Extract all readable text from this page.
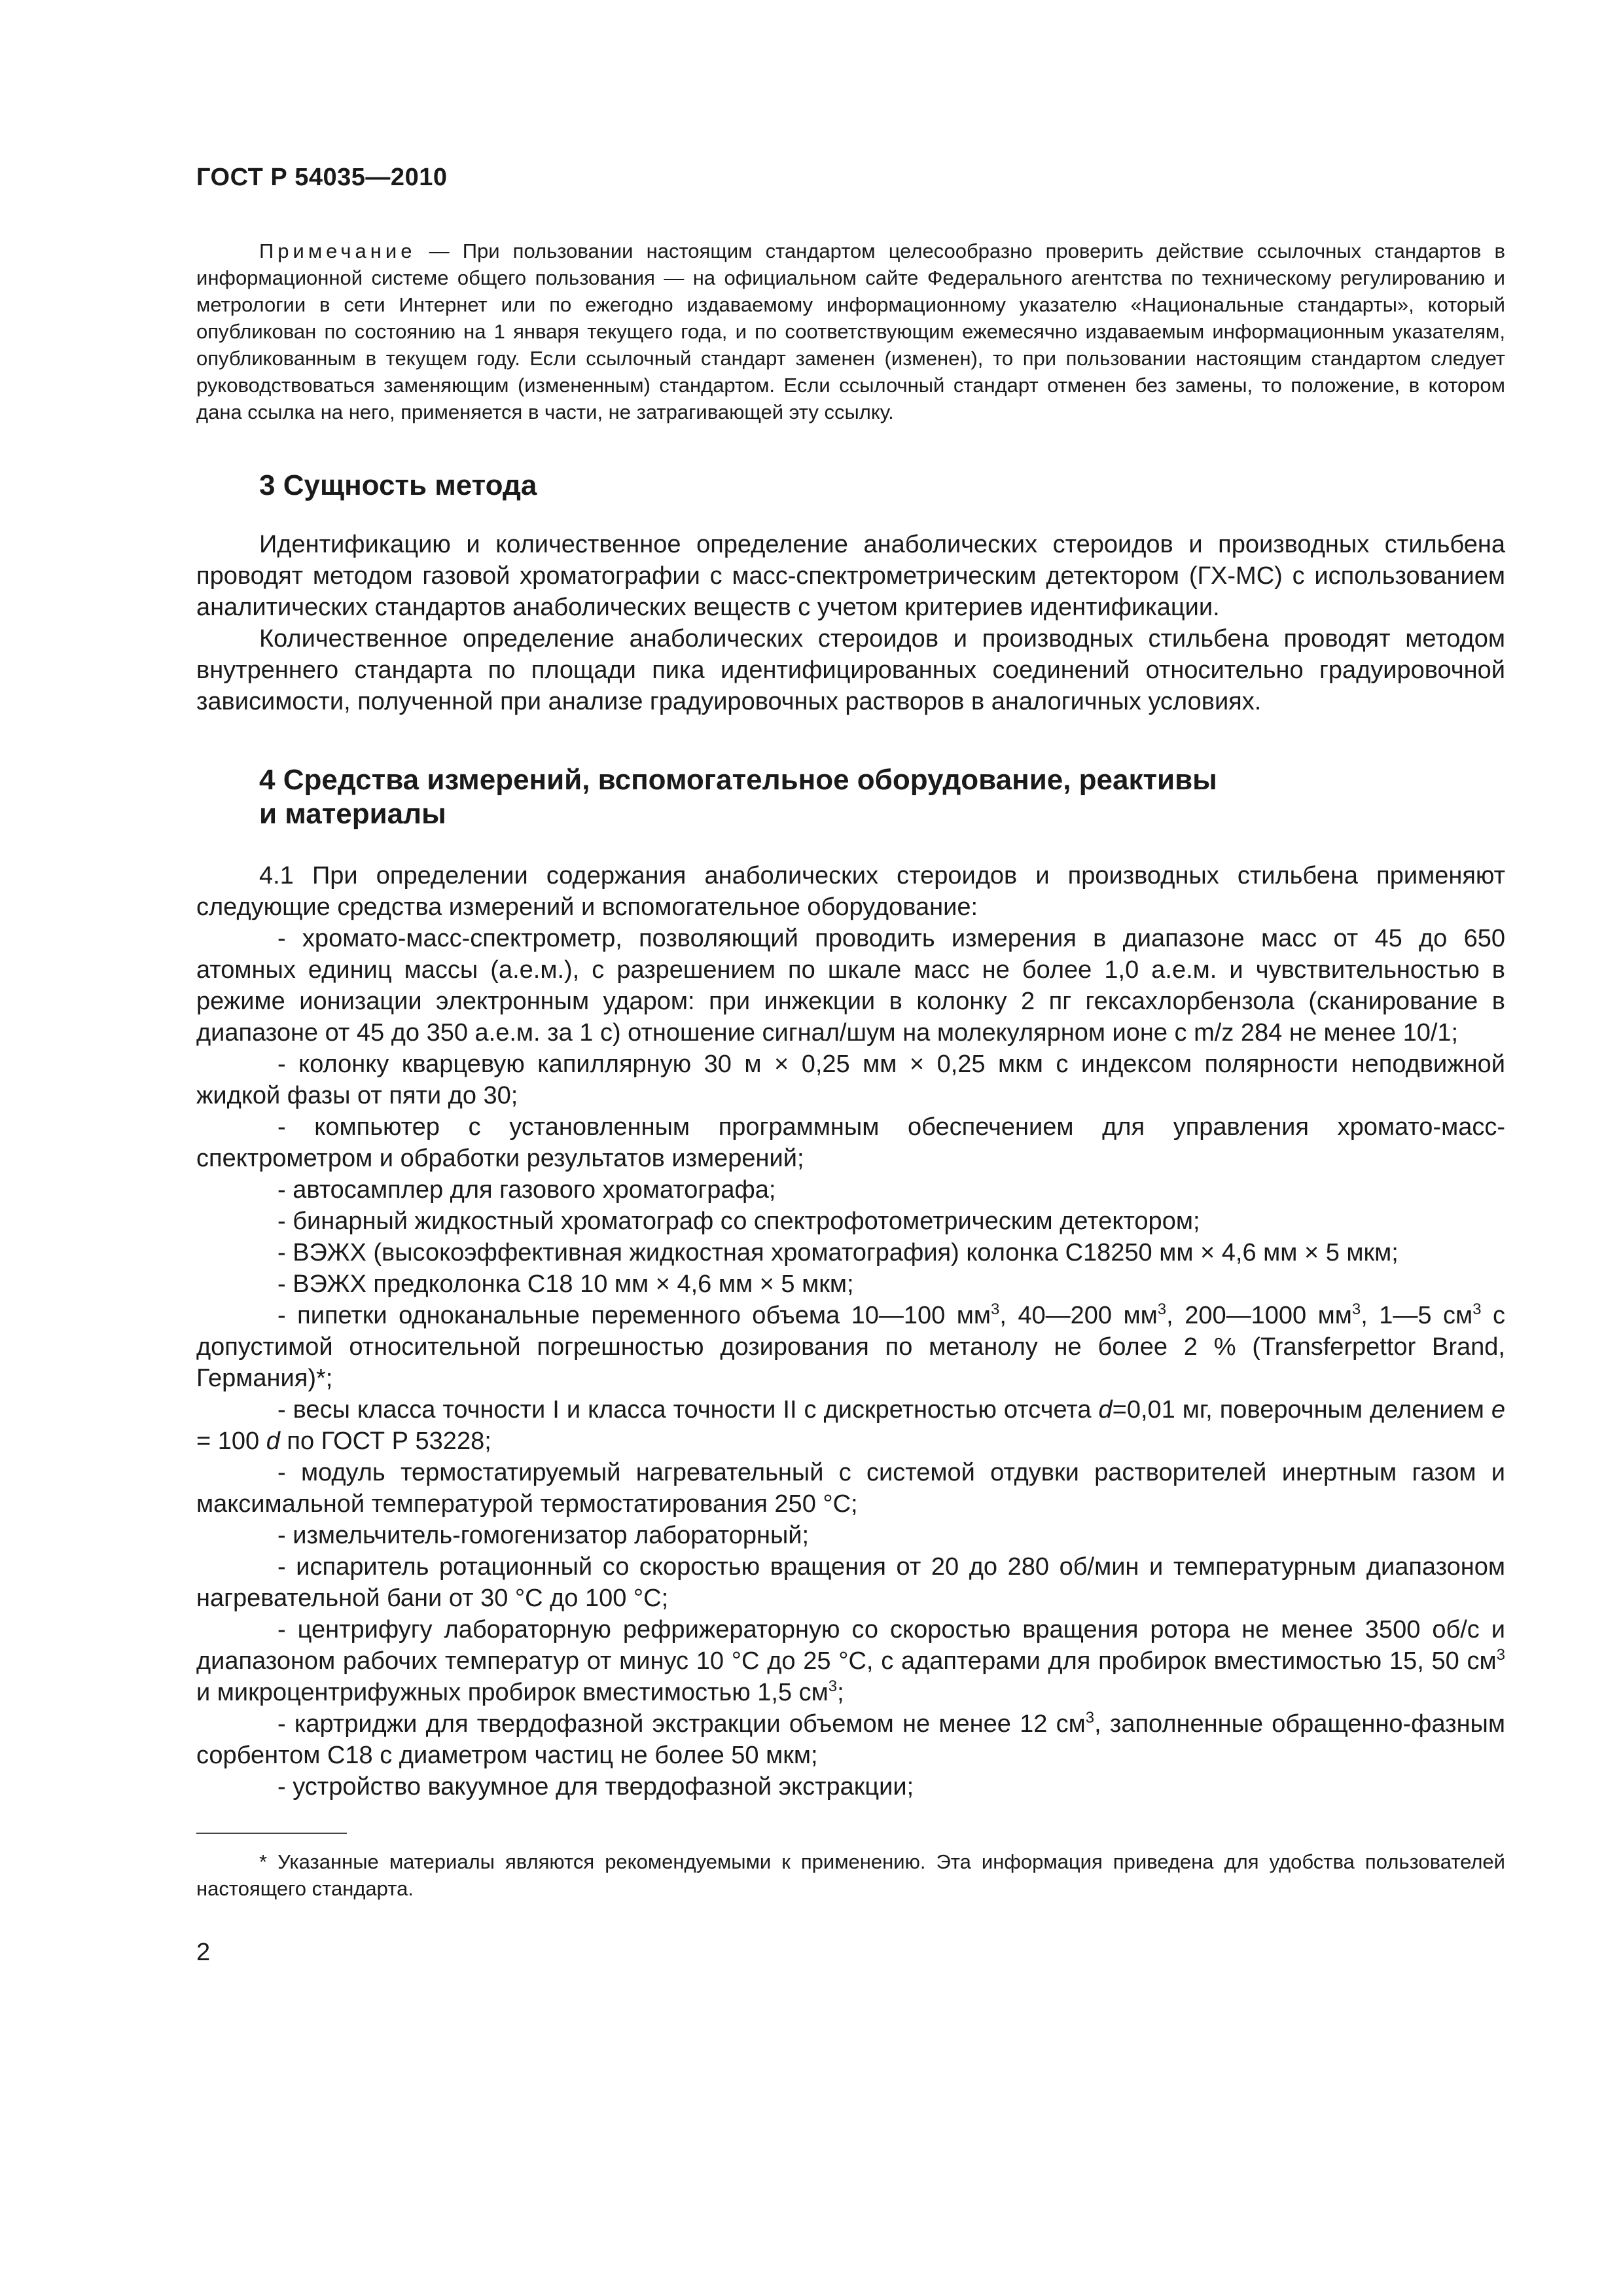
ГОСТ Р 54035—2010

Примечание — При пользовании настоящим стандартом целесообразно проверить действие ссылочных стандартов в информационной системе общего пользования — на официальном сайте Федерального агентства по техническому регулированию и метрологии в сети Интернет или по ежегодно издаваемому информационному указателю «Национальные стандарты», который опубликован по состоянию на 1 января текущего года, и по соответствующим ежемесячно издаваемым информационным указателям, опубликованным в текущем году. Если ссылочный стандарт заменен (изменен), то при пользовании настоящим стандартом следует руководствоваться заменяющим (измененным) стандартом. Если ссылочный стандарт отменен без замены, то положение, в котором дана ссылка на него, применяется в части, не затрагивающей эту ссылку.

3 Сущность метода

Идентификацию и количественное определение анаболических стероидов и производных стильбена проводят методом газовой хроматографии с масс-спектрометрическим детектором (ГХ-МС) с использованием аналитических стандартов анаболических веществ с учетом критериев идентификации.

Количественное определение анаболических стероидов и производных стильбена проводят методом внутреннего стандарта по площади пика идентифицированных соединений относительно градуировочной зависимости, полученной при анализе градуировочных растворов в аналогичных условиях.

4 Средства измерений, вспомогательное оборудование, реактивы
и материалы

4.1 При определении содержания анаболических стероидов и производных стильбена применяют следующие средства измерений и вспомогательное оборудование:

- хромато-масс-спектрометр, позволяющий проводить измерения в диапазоне масс от 45 до 650 атомных единиц массы (а.е.м.), с разрешением по шкале масс не более 1,0 а.е.м. и чувствительностью в режиме ионизации электронным ударом: при инжекции в колонку 2 пг гексахлорбензола (сканирование в диапазоне от 45 до 350 а.е.м. за 1 с) отношение сигнал/шум на молекулярном ионе с m/z 284 не менее 10/1;

- колонку кварцевую капиллярную 30 м × 0,25 мм × 0,25 мкм с индексом полярности неподвижной жидкой фазы от пяти до 30;

- компьютер с установленным программным обеспечением для управления хромато-масс-спектрометром и обработки результатов измерений;

- автосамплер для газового хроматографа;

- бинарный жидкостный хроматограф со спектрофотометрическим детектором;

- ВЭЖХ (высокоэффективная жидкостная хроматография) колонка С18250 мм × 4,6 мм × 5 мкм;

- ВЭЖХ предколонка С18 10 мм × 4,6 мм × 5 мкм;

- пипетки одноканальные переменного объема 10—100 $мм^3$, 40—200 $мм^3$, 200—1000 $мм^3$, 1—5 $см^3$ с допустимой относительной погрешностью дозирования по метанолу не более 2 % (Transferpettor Brand, Германия)*;

- весы класса точности I и класса точности II с дискретностью отсчета d=0,01 мг, поверочным делением e = 100 d по ГОСТ Р 53228;

- модуль термостатируемый нагревательный с системой отдувки растворителей инертным газом и максимальной температурой термостатирования 250 °С;

- измельчитель-гомогенизатор лабораторный;

- испаритель ротационный со скоростью вращения от 20 до 280 об/мин и температурным диапазоном нагревательной бани от 30 °С до 100 °С;

- центрифугу лабораторную рефрижераторную со скоростью вращения ротора не менее 3500 об/с и диапазоном рабочих температур от минус 10 °С до 25 °С, с адаптерами для пробирок вместимостью 15, 50 $см^3$ и микроцентрифужных пробирок вместимостью 1,5 $см^3$;

- картриджи для твердофазной экстракции объемом не менее 12 $см^3$, заполненные обращенно-фазным сорбентом С18 с диаметром частиц не более 50 мкм;

- устройство вакуумное для твердофазной экстракции;

* Указанные материалы являются рекомендуемыми к применению. Эта информация приведена для удобства пользователей настоящего стандарта.

2
